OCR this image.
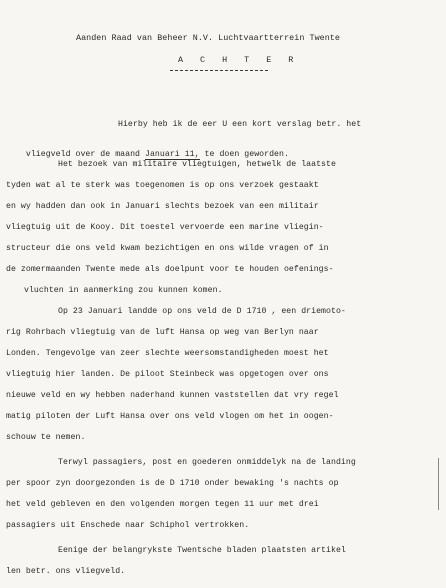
Aanden Raad van Beheer N.V. Luchtvaartterrein Twente
A C H T E R
Hierby heb ik de eer U een kort verslag betr. het

vliegveld over de maand Januari 11, te doen geworden.

Het bezoek van militaire vliegtuigen, hetwelk de laatste
tyden wat al te sterk was toegenomen is op ons verzoek gestaakt
en wy hadden dan ook in Januari slechts bezoek van een militair
vliegtuig uit de Kooy. Dit toestel vervoerde een marine vliegin-
structeur die ons veld kwam bezichtigen en ons wilde vragen of in
de zomermaanden Twente mede als doelpunt voor te houden oefenings-
vluchten in aanmerking zou kunnen komen.
Op 23 Januari landde op ons veld de D 1710 , een driemoto-
rig Rohrbach vliegtuig van de luft Hansa op weg van Berlyn naar
Londen. Tengevolge van zeer slechte weersomstandigheden moest het
vliegtuig hier landen. De piloot Steinbeck was opgetogen over ons
nieuwe veld en wy hebben naderhand kunnen vaststellen dat vry regel
matig piloten der Luft Hansa over ons veld vlogen om het in oogen-
schouw te nemen.
Terwyl passagiers, post en goederen onmiddelyk na de landing
per spoor zyn doorgezonden is de D 1710 onder bewaking 's nachts op
het veld gebleven en den volgenden morgen tegen 11 uur met drei
passagiers uit Enschede naar Schiphol vertrokken.
Eenige der belangrykste Twentsche bladen plaatsten artikel
len betr. ons vliegveld.
